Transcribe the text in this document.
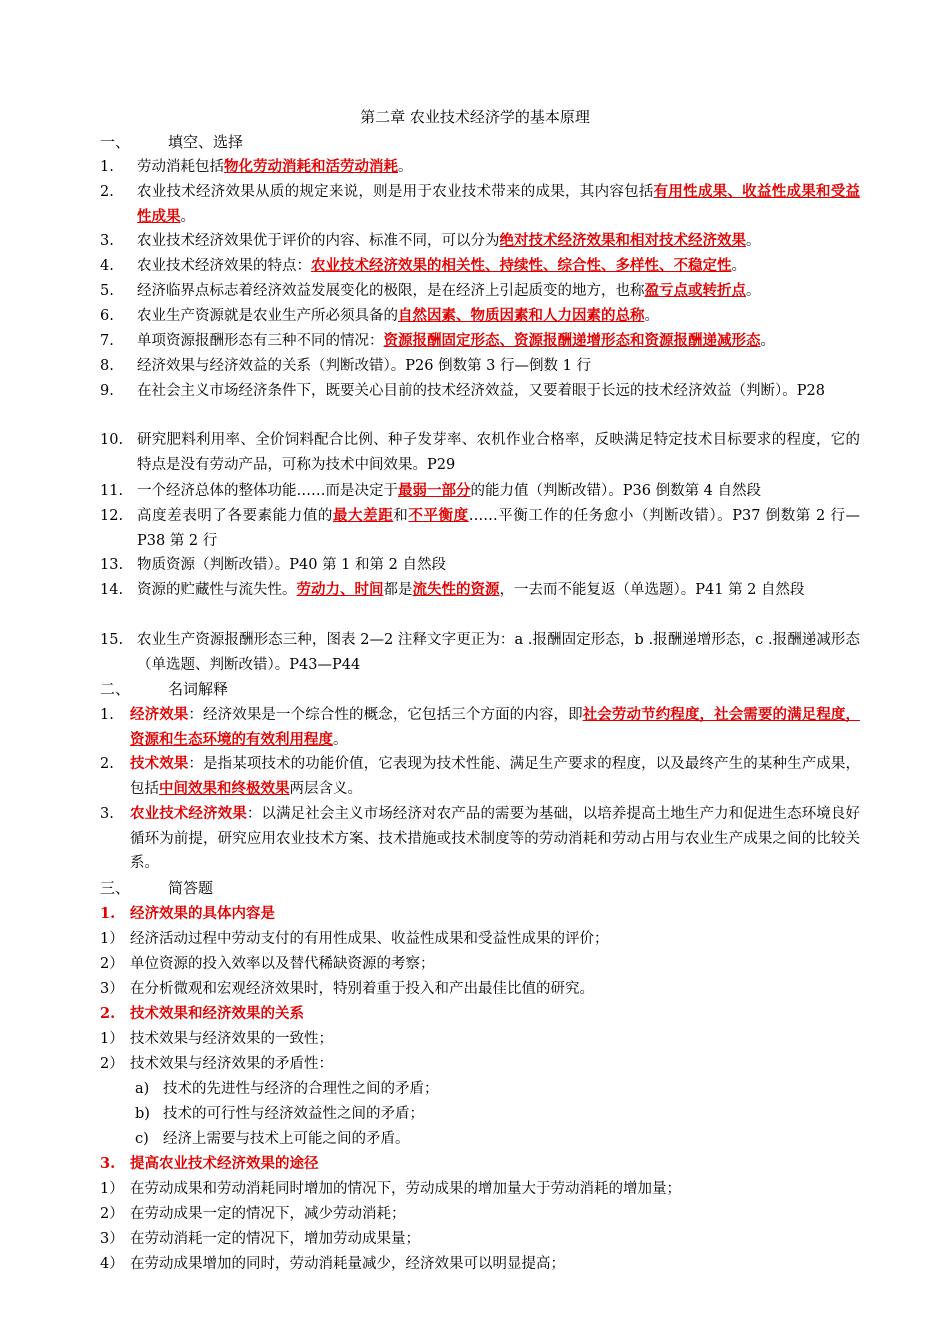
第二章 农业技术经济学的基本原理
一、	填空、选择
1. 劳动消耗包括物化劳动消耗和活劳动消耗。
2. 农业技术经济效果从质的规定来说，则是用于农业技术带来的成果，其内容包括有用性成果、收益性成果和受益性成果。
3. 农业技术经济效果优于评价的内容、标准不同，可以分为绝对技术经济效果和相对技术经济效果。
4. 农业技术经济效果的特点：农业技术经济效果的相关性、持续性、综合性、多样性、不稳定性。
5. 经济临界点标志着经济效益发展变化的极限，是在经济上引起质变的地方，也称盈亏点或转折点。
6. 农业生产资源就是农业生产所必须具备的自然因素、物质因素和人力因素的总称。
7. 单项资源报酬形态有三种不同的情况：资源报酬固定形态、资源报酬递增形态和资源报酬递减形态。
8. 经济效果与经济效益的关系（判断改错）。P26 倒数第 3 行—倒数 1 行
9. 在社会主义市场经济条件下，既要关心目前的技术经济效益，又要着眼于长远的技术经济效益（判断）。P28
10. 研究肥料利用率、全价饲料配合比例、种子发芽率、农机作业合格率，反映满足特定技术目标要求的程度，它的特点是没有劳动产品，可称为技术中间效果。P29
11. 一个经济总体的整体功能……而是决定于最弱一部分的能力值（判断改错）。P36 倒数第 4 自然段
12. 高度差表明了各要素能力值的最大差距和不平衡度……平衡工作的任务愈小（判断改错）。P37 倒数第 2 行—P38 第 2 行
13. 物质资源（判断改错）。P40 第 1 和第 2 自然段
14. 资源的贮藏性与流失性。劳动力、时间都是流失性的资源，一去而不能复返（单选题）。P41 第 2 自然段
15. 农业生产资源报酬形态三种，图表 2—2 注释文字更正为：a .报酬固定形态，b .报酬递增形态，c .报酬递减形态（单选题、判断改错）。P43—P44
二、	名词解释
1. 经济效果：经济效果是一个综合性的概念，它包括三个方面的内容，即社会劳动节约程度，社会需要的满足程度，资源和生态环境的有效利用程度。
2. 技术效果：是指某项技术的功能价值，它表现为技术性能、满足生产要求的程度，以及最终产生的某种生产成果，包括中间效果和终极效果两层含义。
3. 农业技术经济效果：以满足社会主义市场经济对农产品的需要为基础，以培养提高土地生产力和促进生态环境良好循环为前提，研究应用农业技术方案、技术措施或技术制度等的劳动消耗和劳动占用与农业生产成果之间的比较关系。
三、	简答题
1. 经济效果的具体内容是
1） 经济活动过程中劳动支付的有用性成果、收益性成果和受益性成果的评价；
2） 单位资源的投入效率以及替代稀缺资源的考察；
3） 在分析微观和宏观经济效果时，特别着重于投入和产出最佳比值的研究。
2. 技术效果和经济效果的关系
1） 技术效果与经济效果的一致性；
2） 技术效果与经济效果的矛盾性：
a) 技术的先进性与经济的合理性之间的矛盾；
b) 技术的可行性与经济效益性之间的矛盾；
c) 经济上需要与技术上可能之间的矛盾。
3. 提高农业技术经济效果的途径
1） 在劳动成果和劳动消耗同时增加的情况下，劳动成果的增加量大于劳动消耗的增加量；
2） 在劳动成果一定的情况下，减少劳动消耗；
3） 在劳动消耗一定的情况下，增加劳动成果量；
4） 在劳动成果增加的同时，劳动消耗量减少，经济效果可以明显提高；
